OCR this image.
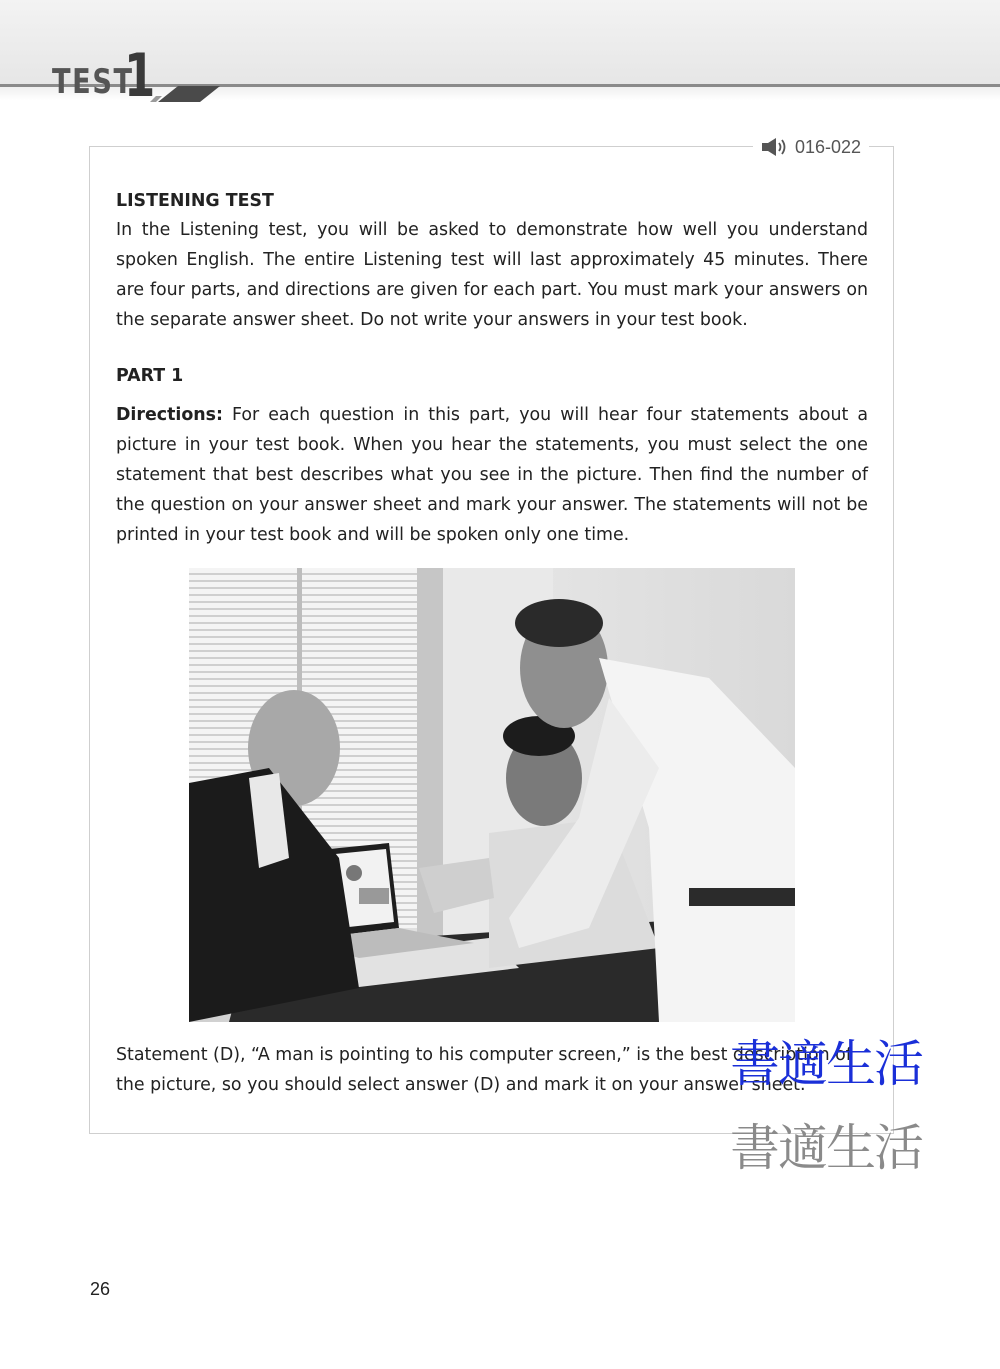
TEST
1
016-022
LISTENING TEST
In the Listening test, you will be asked to demonstrate how well you understand spoken English. The entire Listening test will last approximately 45 minutes. There are four parts, and directions are given for each part. You must mark your answers on the separate answer sheet. Do not write your answers in your test book.
PART 1
Directions: For each question in this part, you will hear four statements about a picture in your test book. When you hear the statements, you must select the one statement that best describes what you see in the picture. Then find the number of the question on your answer sheet and mark your answer. The statements will not be printed in your test book and will be spoken only one time.
Statement (D), “A man is pointing to his computer screen,” is the best description of the picture, so you should select answer (D) and mark it on your answer sheet.
書適生活
書適生活
26
